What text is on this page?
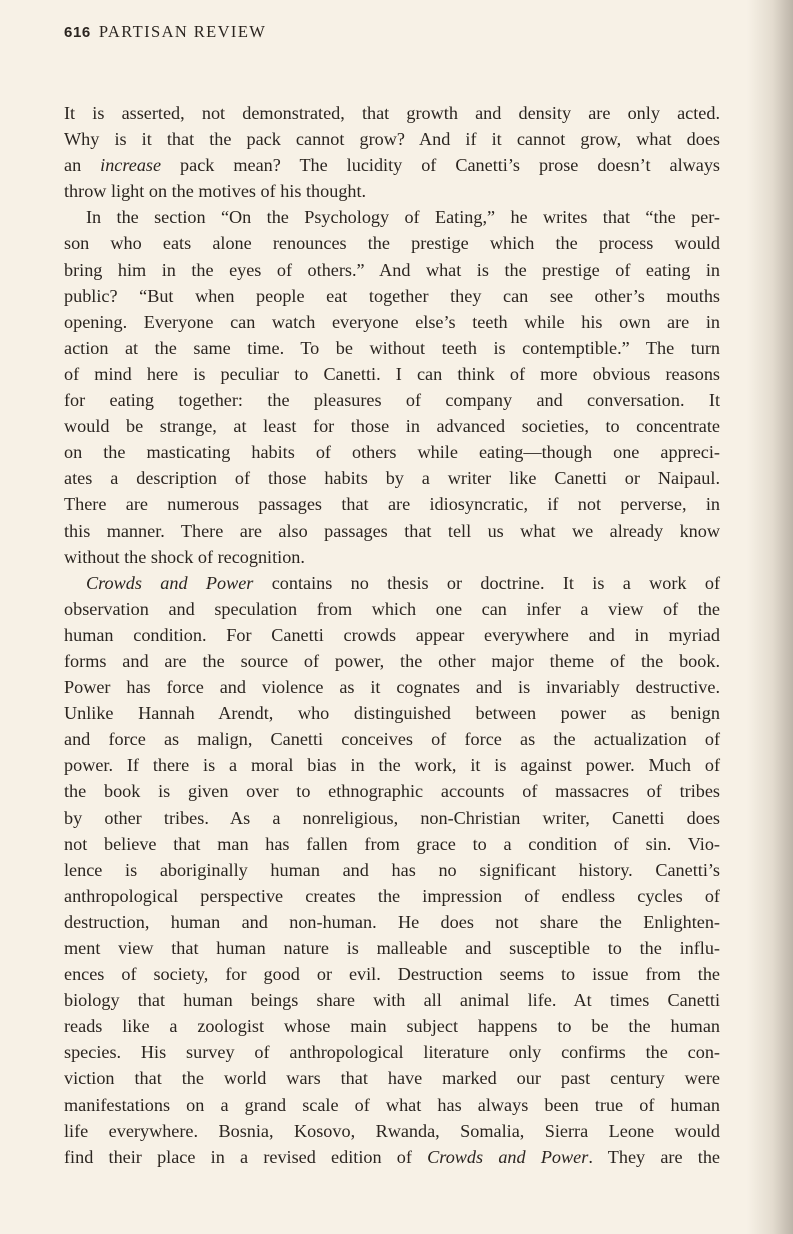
616 PARTISAN REVIEW

It is asserted, not demonstrated, that growth and density are only acted.
Why is it that the pack cannot grow? And if it cannot grow, what does
an increase pack mean? The lucidity of Canetti’s prose doesn’t always
throw light on the motives of his thought.

In the section “On the Psychology of Eating,” he writes that “the per-
son who eats alone renounces the prestige which the process would
bring him in the eyes of others.” And what is the prestige of eating in
public? “But when people eat together they can see other’s mouths
opening. Everyone can watch everyone else’s teeth while his own are in
action at the same time. To be without teeth is contemptible.” The turn
of mind here is peculiar to Canetti. I can think of more obvious reasons
for eating together: the pleasures of company and conversation. It
would be strange, at least for those in advanced societies, to concentrate
on the masticating habits of others while eating—though one appreci-
ates a description of those habits by a writer like Canetti or Naipaul.
There are numerous passages that are idiosyncratic, if not perverse, in
this manner. There are also passages that tell us what we already know
without the shock of recognition.

Crowds and Power contains no thesis or doctrine. It is a work of
observation and speculation from which one can infer a view of the
human condition. For Canetti crowds appear everywhere and in myriad
forms and are the source of power, the other major theme of the book.
Power has force and violence as it cognates and is invariably destructive.
Unlike Hannah Arendt, who distinguished between power as benign
and force as malign, Canetti conceives of force as the actualization of
power. If there is a moral bias in the work, it is against power. Much of
the book is given over to ethnographic accounts of massacres of tribes
by other tribes. As a nonreligious, non-Christian writer, Canetti does
not believe that man has fallen from grace to a condition of sin. Vio-
lence is aboriginally human and has no significant history. Canetti’s
anthropological perspective creates the impression of endless cycles of
destruction, human and non-human. He does not share the Enlighten-
ment view that human nature is malleable and susceptible to the influ-
ences of society, for good or evil. Destruction seems to issue from the
biology that human beings share with all animal life. At times Canetti
reads like a zoologist whose main subject happens to be the human
species. His survey of anthropological literature only confirms the con-
viction that the world wars that have marked our past century were
manifestations on a grand scale of what has always been true of human
life everywhere. Bosnia, Kosovo, Rwanda, Somalia, Sierra Leone would
find their place in a revised edition of Crowds and Power. They are the
